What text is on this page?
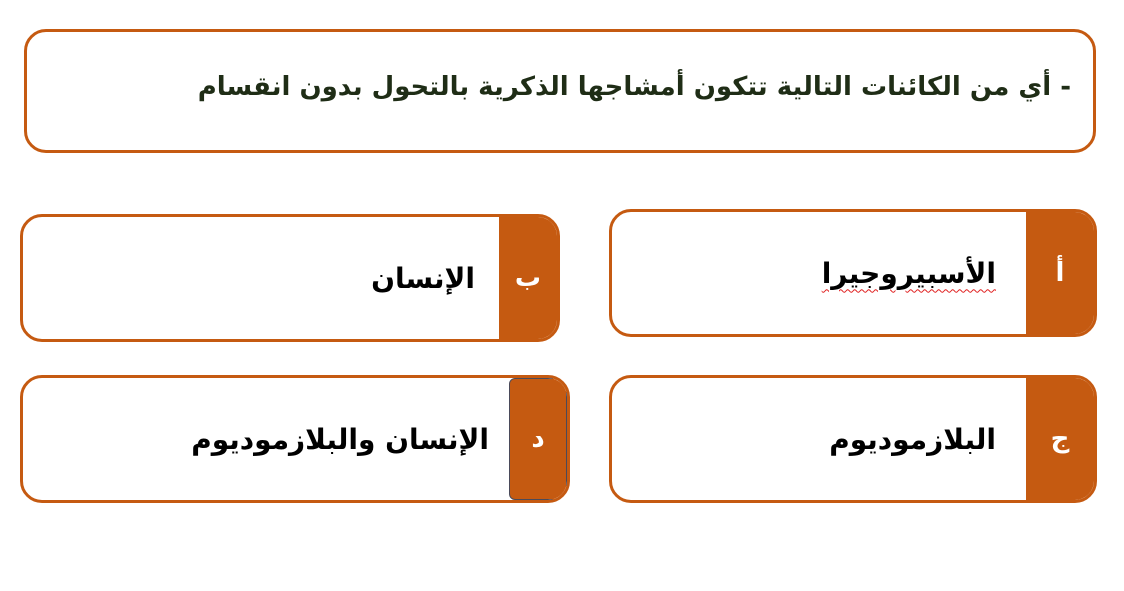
- أي من الكائنات التالية تتكون أمشاجها الذكرية بالتحول بدون انقسام
أ
الأسبيروجيرا
ب
الإنسان
ج
البلازموديوم
د
الإنسان والبلازموديوم
